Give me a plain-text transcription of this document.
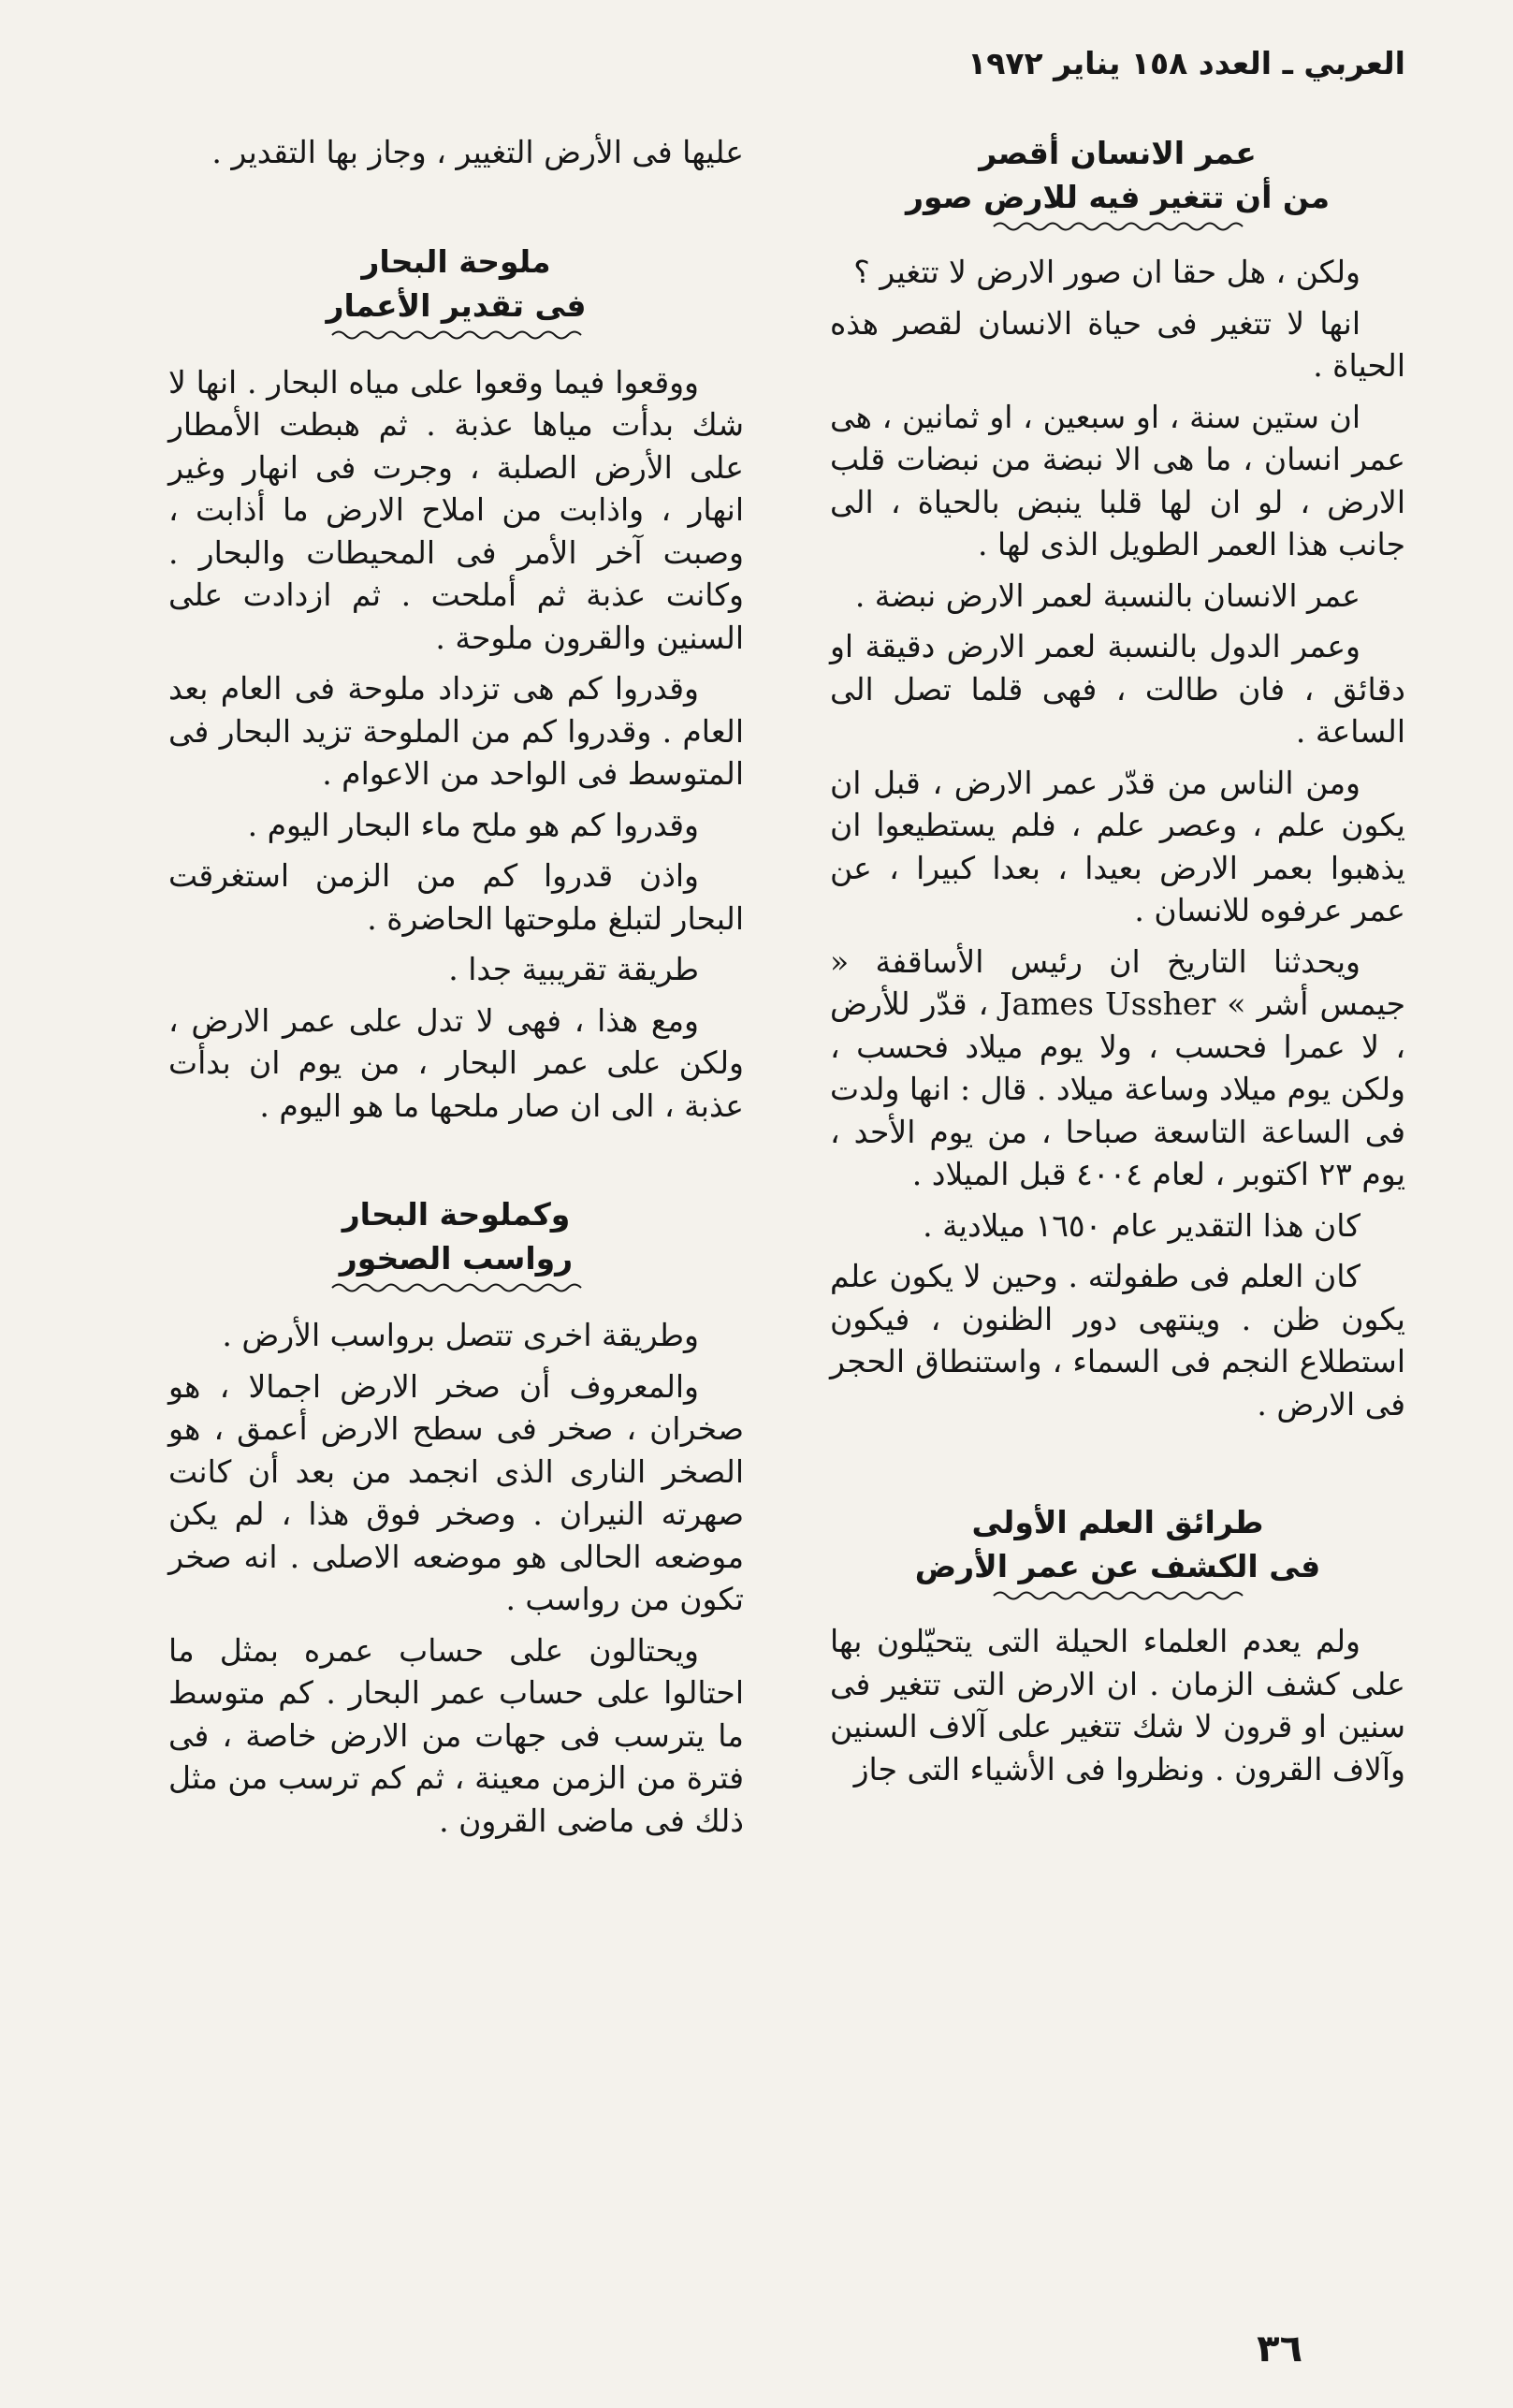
العربي ـ العدد ١٥٨ يناير ١٩٧٢
عمر الانسان أقصر
من أن تتغير فيه للارض صور

ولكن ، هل حقا ان صور الارض لا تتغير ؟

انها لا تتغير فى حياة الانسان لقصر هذه الحياة .

ان ستين سنة ، او سبعين ، او ثمانين ، هى عمر انسان ، ما هى الا نبضة من نبضات قلب الارض ، لو ان لها قلبا ينبض بالحياة ، الى جانب هذا العمر الطويل الذى لها .

عمر الانسان بالنسبة لعمر الارض نبضة .

وعمر الدول بالنسبة لعمر الارض دقيقة او دقائق ، فان طالت ، فهى قلما تصل الى الساعة .

ومن الناس من قدّر عمر الارض ، قبل ان يكون علم ، وعصر علم ، فلم يستطيعوا ان يذهبوا بعمر الارض بعيدا ، بعدا كبيرا ، عن عمر عرفوه للانسان .

ويحدثنا التاريخ ان رئيس الأساقفة « جيمس أشر » James Ussher ، قدّر للأرض ، لا عمرا فحسب ، ولا يوم ميلاد فحسب ، ولكن يوم ميلاد وساعة ميلاد . قال : انها ولدت فى الساعة التاسعة صباحا ، من يوم الأحد ، يوم ٢٣ اكتوبر ، لعام ٤٠٠٤ قبل الميلاد .

كان هذا التقدير عام ١٦٥٠ ميلادية .

كان العلم فى طفولته . وحين لا يكون علم يكون ظن . وينتهى دور الظنون ، فيكون استطلاع النجم فى السماء ، واستنطاق الحجر فى الارض .

طرائق العلم الأولى
فى الكشف عن عمر الأرض

ولم يعدم العلماء الحيلة التى يتحيّلون بها على كشف الزمان . ان الارض التى تتغير فى سنين او قرون لا شك تتغير على آلاف السنين وآلاف القرون . ونظروا فى الأشياء التى جاز

عليها فى الأرض التغيير ، وجاز بها التقدير .

ملوحة البحار
فى تقدير الأعمار

ووقعوا فيما وقعوا على مياه البحار . انها لا شك بدأت مياها عذبة . ثم هبطت الأمطار على الأرض الصلبة ، وجرت فى انهار وغير انهار ، واذابت من املاح الارض ما أذابت ، وصبت آخر الأمر فى المحيطات والبحار . وكانت عذبة ثم أملحت . ثم ازدادت على السنين والقرون ملوحة .

وقدروا كم هى تزداد ملوحة فى العام بعد العام . وقدروا كم من الملوحة تزيد البحار فى المتوسط فى الواحد من الاعوام .

وقدروا كم هو ملح ماء البحار اليوم .

واذن قدروا كم من الزمن استغرقت البحار لتبلغ ملوحتها الحاضرة .

طريقة تقريبية جدا .

ومع هذا ، فهى لا تدل على عمر الارض ، ولكن على عمر البحار ، من يوم ان بدأت عذبة ، الى ان صار ملحها ما هو اليوم .

وكملوحة البحار
رواسب الصخور

وطريقة اخرى تتصل برواسب الأرض .

والمعروف أن صخر الارض اجمالا ، هو صخران ، صخر فى سطح الارض أعمق ، هو الصخر النارى الذى انجمد من بعد أن كانت صهرته النيران . وصخر فوق هذا ، لم يكن موضعه الحالى هو موضعه الاصلى . انه صخر تكون من رواسب .

ويحتالون على حساب عمره بمثل ما احتالوا على حساب عمر البحار . كم متوسط ما يترسب فى جهات من الارض خاصة ، فى فترة من الزمن معينة ، ثم كم ترسب من مثل ذلك فى ماضى القرون .

٣٦
